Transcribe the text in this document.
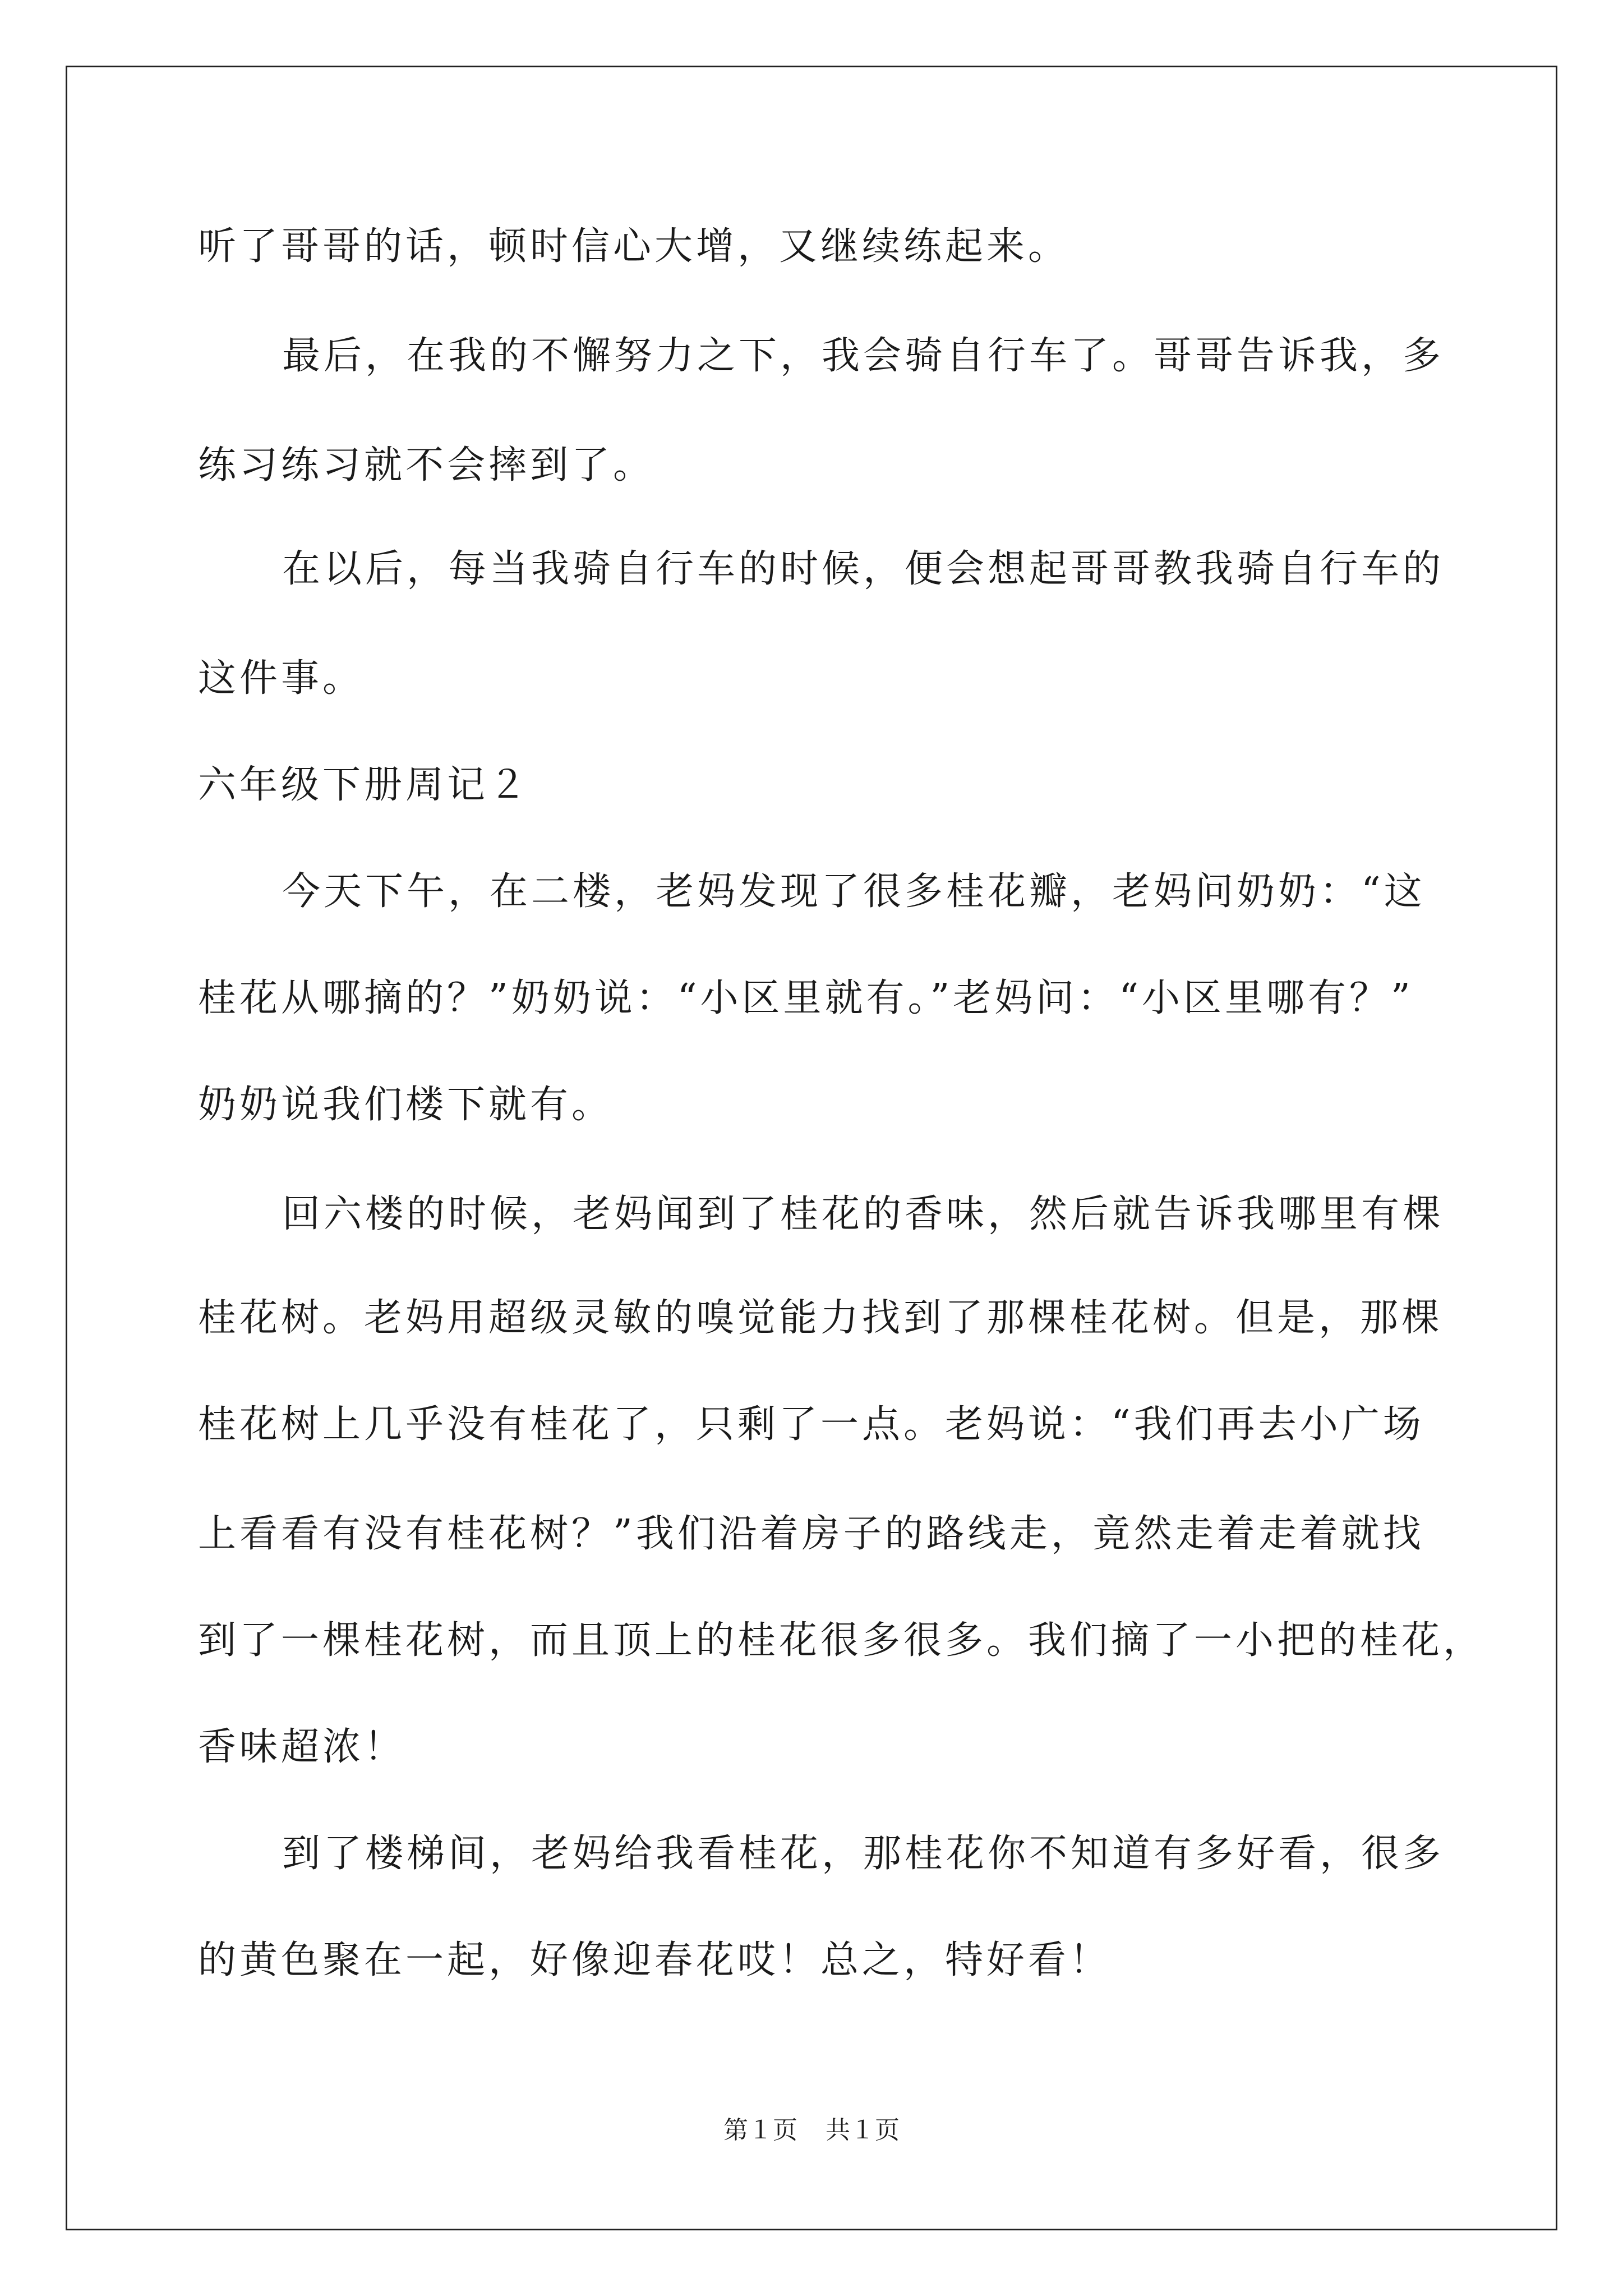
听了哥哥的话，顿时信心大增，又继续练起来。
最后，在我的不懈努力之下，我会骑自行车了。哥哥告诉我，多
练习练习就不会摔到了。
在以后，每当我骑自行车的时候，便会想起哥哥教我骑自行车的
这件事。
六年级下册周记２
今天下午，在二楼，老妈发现了很多桂花瓣，老妈问奶奶：“这
桂花从哪摘的？”奶奶说：“小区里就有。”老妈问：“小区里哪有？”
奶奶说我们楼下就有。
回六楼的时候，老妈闻到了桂花的香味，然后就告诉我哪里有棵
桂花树。老妈用超级灵敏的嗅觉能力找到了那棵桂花树。但是，那棵
桂花树上几乎没有桂花了，只剩了一点。老妈说：“我们再去小广场
上看看有没有桂花树？”我们沿着房子的路线走，竟然走着走着就找
到了一棵桂花树，而且顶上的桂花很多很多。我们摘了一小把的桂花，
香味超浓！
到了楼梯间，老妈给我看桂花，那桂花你不知道有多好看，很多
的黄色聚在一起，好像迎春花哎！总之，特好看！
第１页 共１页
